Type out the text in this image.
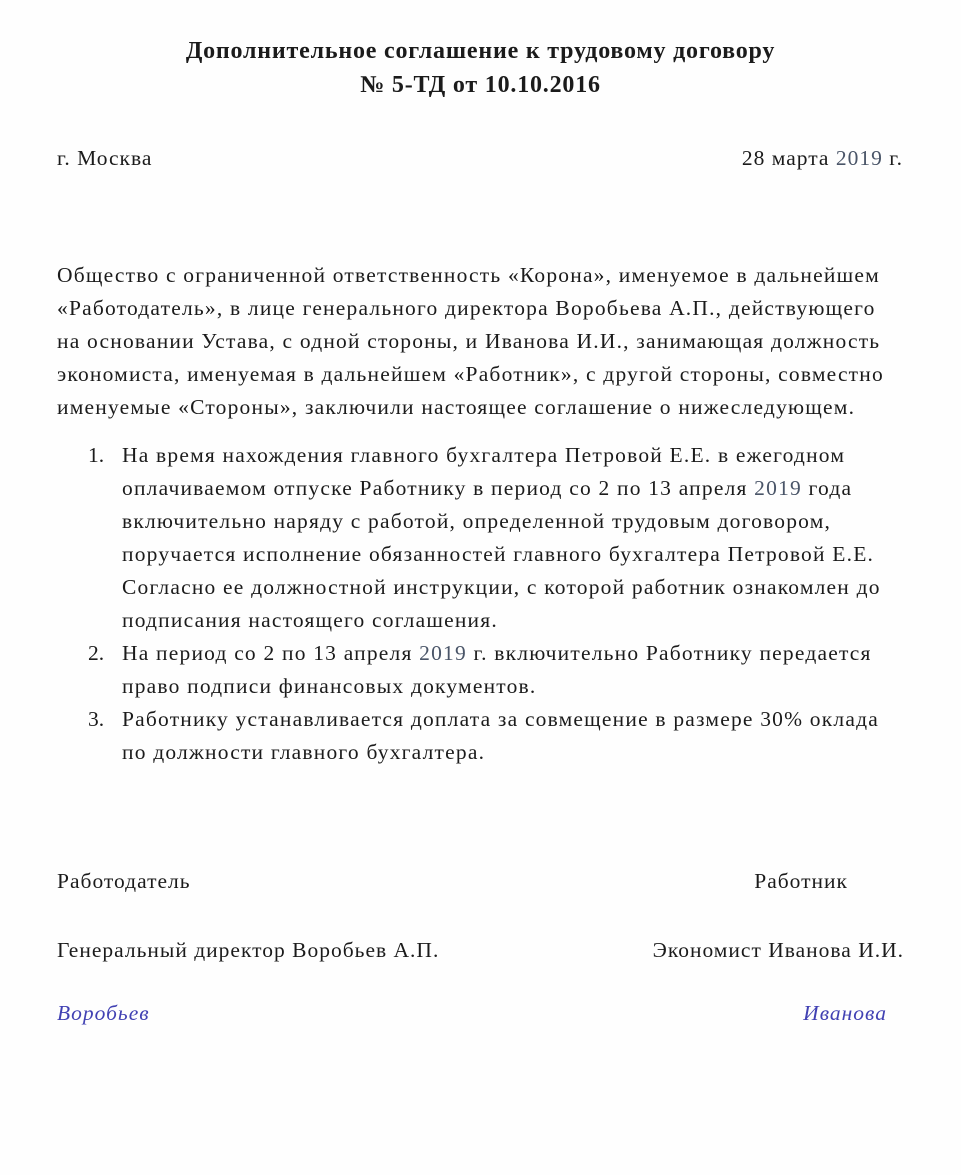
Дополнительное соглашение к трудовому договору
№ 5-ТД от 10.10.2016
г. Москва	28 марта 2019 г.
Общество с ограниченной ответственность «Корона», именуемое в дальнейшем «Работодатель», в лице генерального директора Воробьева А.П., действующего на основании Устава, с одной стороны, и Иванова И.И., занимающая должность экономиста, именуемая в дальнейшем «Работник», с другой стороны, совместно именуемые «Стороны», заключили настоящее соглашение о нижеследующем.
1. На время нахождения главного бухгалтера Петровой Е.Е. в ежегодном оплачиваемом отпуске Работнику в период со 2 по 13 апреля 2019 года включительно наряду с работой, определенной трудовым договором, поручается исполнение обязанностей главного бухгалтера Петровой Е.Е. Согласно ее должностной инструкции, с которой работник ознакомлен до подписания настоящего соглашения.
2. На период со 2 по 13 апреля 2019 г. включительно Работнику передается право подписи финансовых документов.
3. Работнику устанавливается доплата за совмещение в размере 30% оклада по должности главного бухгалтера.
Работодатель	Работник
Генеральный директор Воробьев А.П.	Экономист Иванова И.И.
Воробьев	Иванова
